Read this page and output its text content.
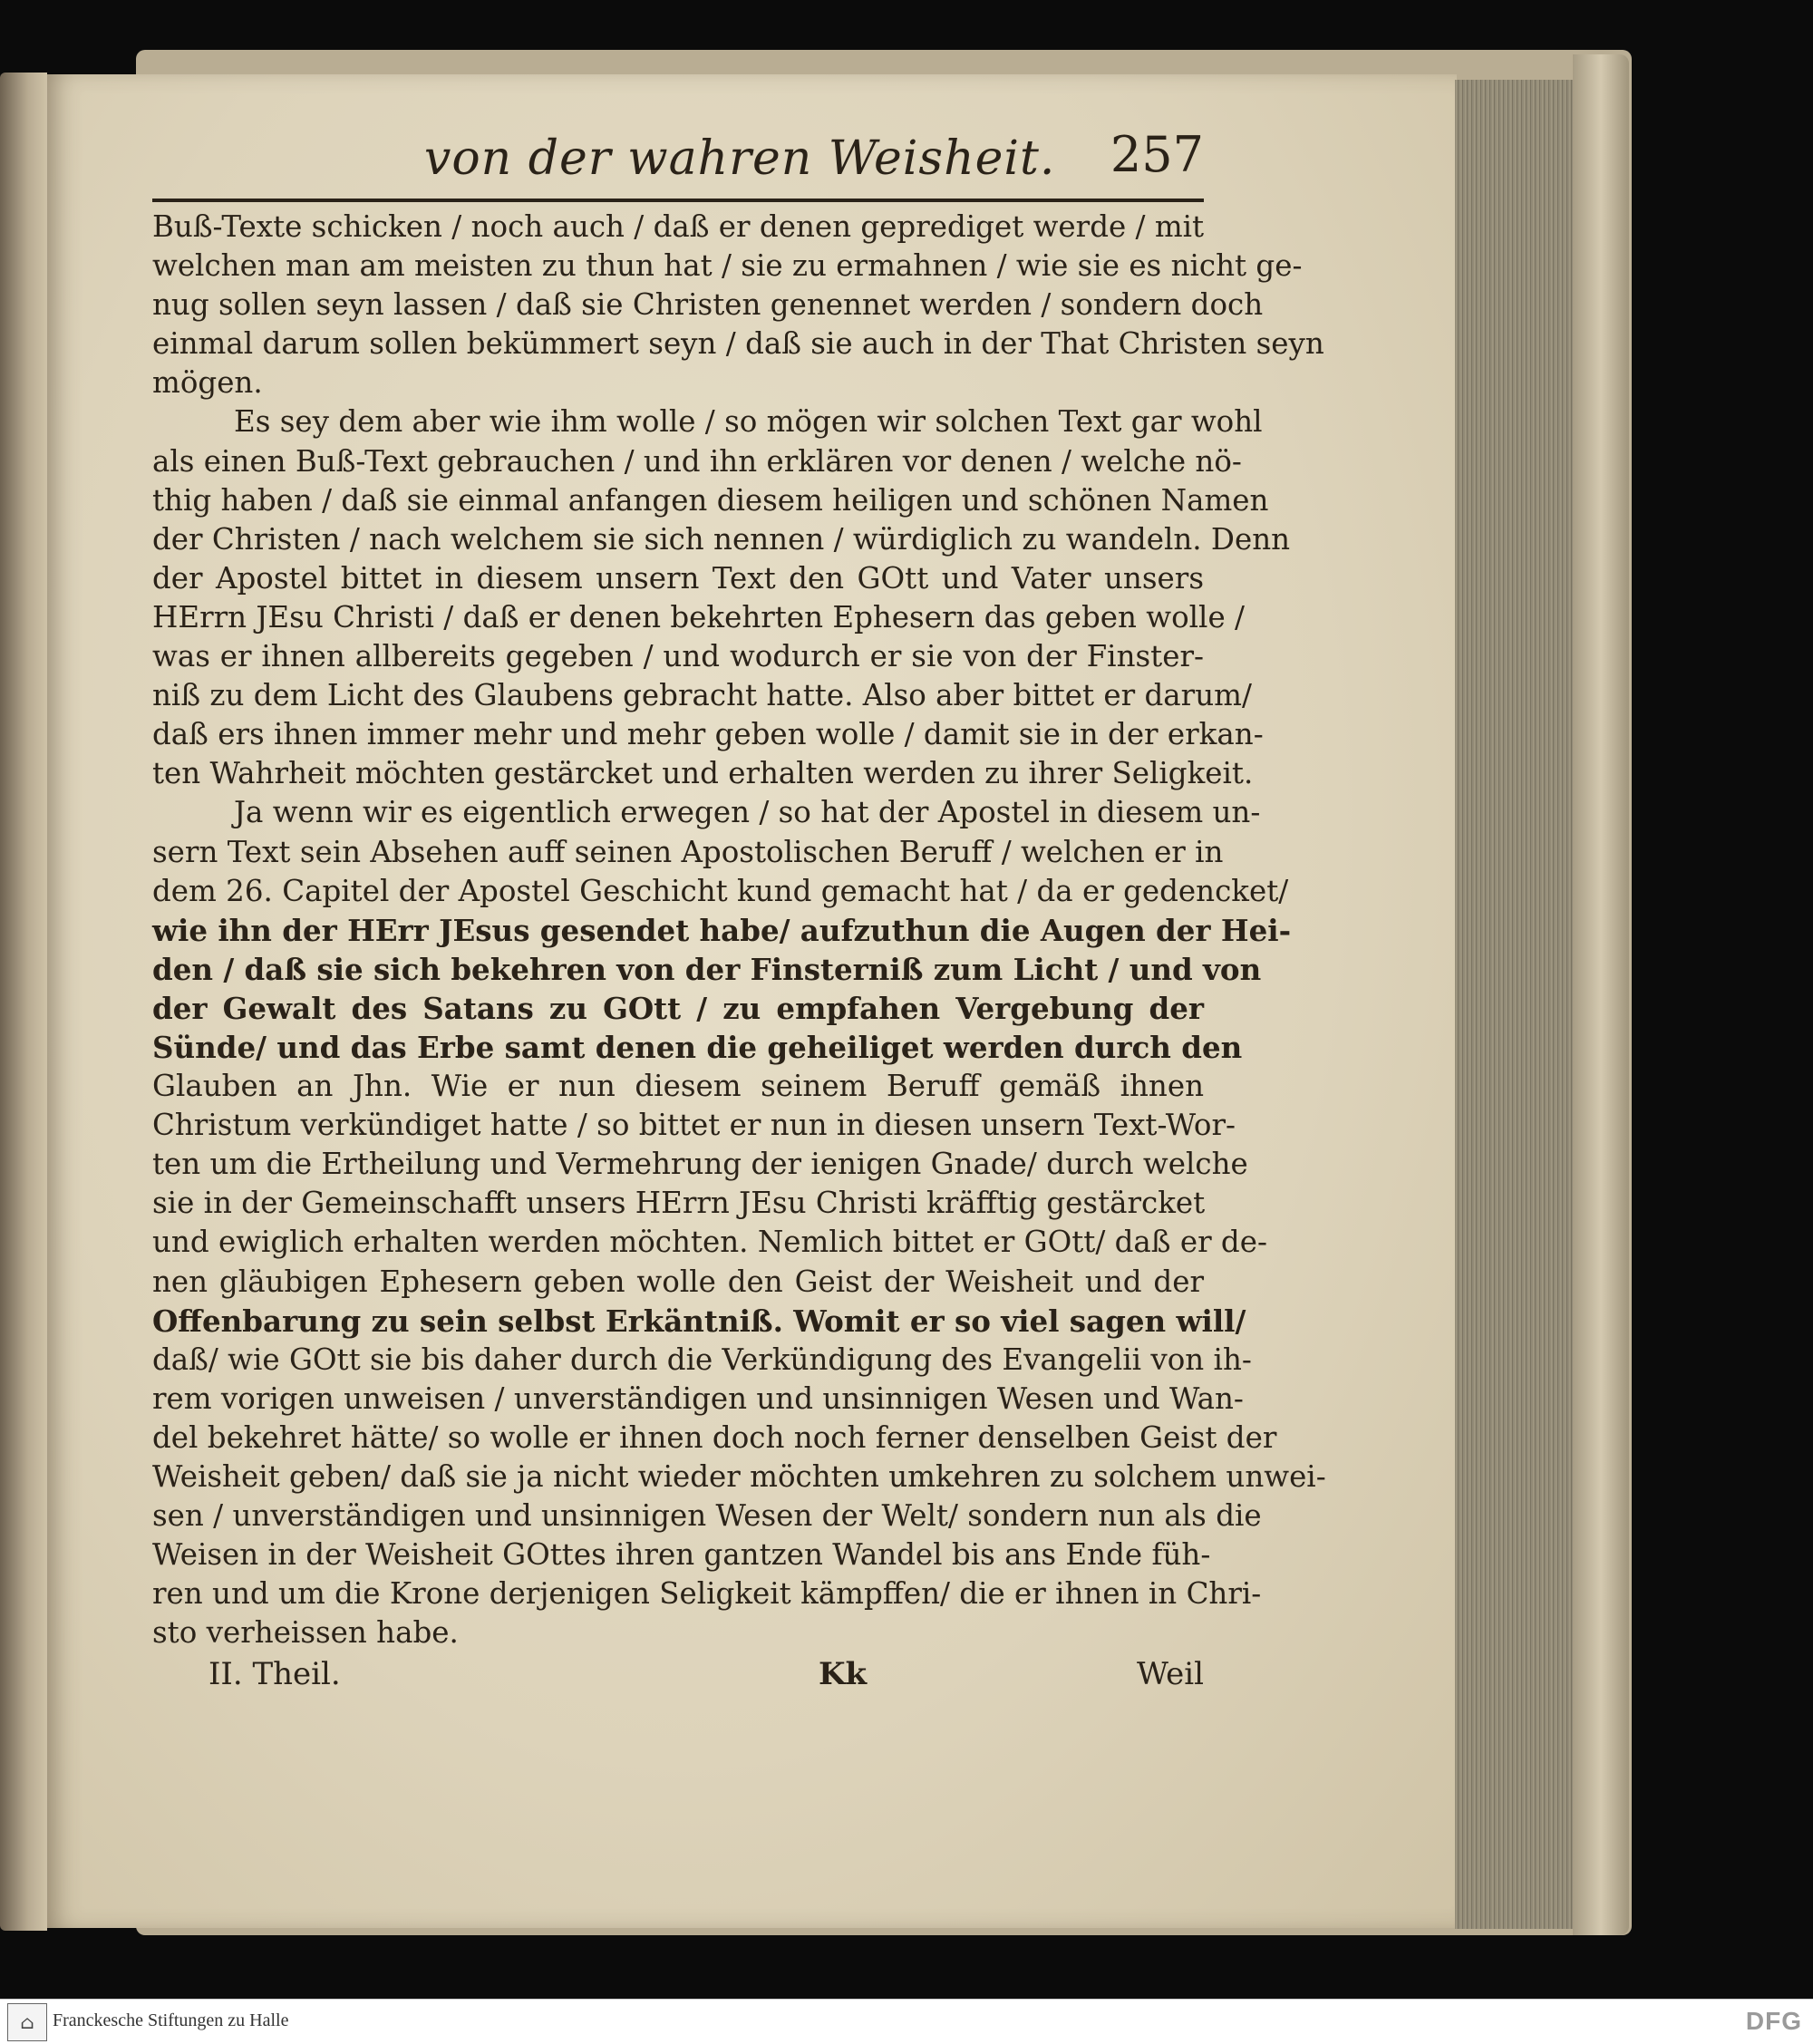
von der wahren Weisheit. 257
Buß-Texte schicken / noch auch / daß er denen geprediget werde / mit
welchen man am meisten zu thun hat / sie zu ermahnen / wie sie es nicht ge-
nug sollen seyn lassen / daß sie Christen genennet werden / sondern doch
einmal darum sollen bekümmert seyn / daß sie auch in der That Christen seyn
mögen.
Es sey dem aber wie ihm wolle / so mögen wir solchen Text gar wohl
als einen Buß-Text gebrauchen / und ihn erklären vor denen / welche nö-
thig haben / daß sie einmal anfangen diesem heiligen und schönen Namen
der Christen / nach welchem sie sich nennen / würdiglich zu wandeln. Denn
der Apostel bittet in diesem unsern Text den GOtt und Vater unsers
HErrn JEsu Christi / daß er denen bekehrten Ephesern das geben wolle /
was er ihnen allbereits gegeben / und wodurch er sie von der Finster-
niß zu dem Licht des Glaubens gebracht hatte. Also aber bittet er darum/
daß ers ihnen immer mehr und mehr geben wolle / damit sie in der erkan-
ten Wahrheit möchten gestärcket und erhalten werden zu ihrer Seligkeit.
Ja wenn wir es eigentlich erwegen / so hat der Apostel in diesem un-
sern Text sein Absehen auff seinen Apostolischen Beruff / welchen er in
dem 26. Capitel der Apostel Geschicht kund gemacht hat / da er gedencket/
wie ihn der HErr JEsus gesendet habe/ aufzuthun die Augen der Hei-
den / daß sie sich bekehren von der Finsterniß zum Licht / und von
der Gewalt des Satans zu GOtt / zu empfahen Vergebung der
Sünde/ und das Erbe samt denen die geheiliget werden durch den
Glauben an Jhn. Wie er nun diesem seinem Beruff gemäß ihnen
Christum verkündiget hatte / so bittet er nun in diesen unsern Text-Wor-
ten um die Ertheilung und Vermehrung der ienigen Gnade/ durch welche
sie in der Gemeinschafft unsers HErrn JEsu Christi kräfftig gestärcket
und ewiglich erhalten werden möchten. Nemlich bittet er GOtt/ daß er de-
nen gläubigen Ephesern geben wolle den Geist der Weisheit und der
Offenbarung zu sein selbst Erkäntniß. Womit er so viel sagen will/
daß/ wie GOtt sie bis daher durch die Verkündigung des Evangelii von ih-
rem vorigen unweisen / unverständigen und unsinnigen Wesen und Wan-
del bekehret hätte/ so wolle er ihnen doch noch ferner denselben Geist der
Weisheit geben/ daß sie ja nicht wieder möchten umkehren zu solchem unwei-
sen / unverständigen und unsinnigen Wesen der Welt/ sondern nun als die
Weisen in der Weisheit GOttes ihren gantzen Wandel bis ans Ende füh-
ren und um die Krone derjenigen Seligkeit kämpffen/ die er ihnen in Chri-
sto verheissen habe.
II. Theil.	Kk	Weil
⌂	Franckesche Stiftungen zu Halle	DFG
